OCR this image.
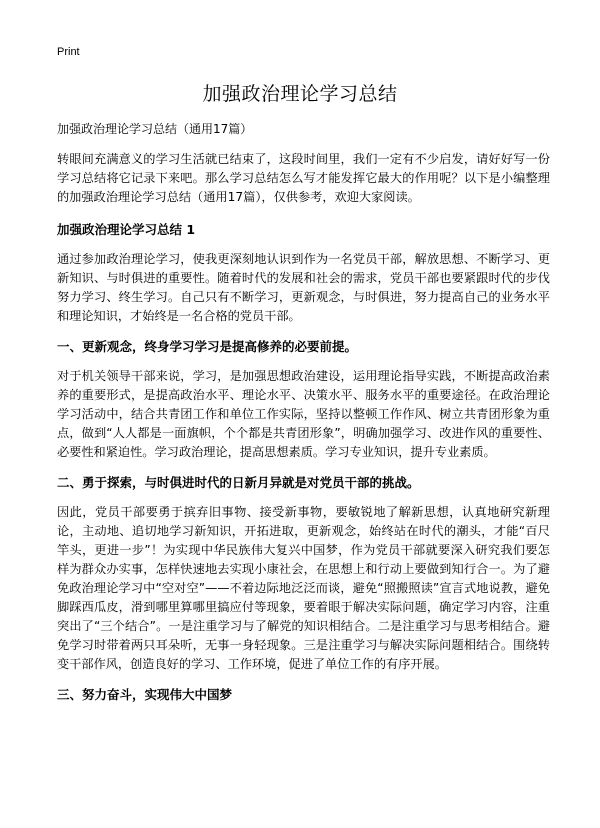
Print
加强政治理论学习总结
加强政治理论学习总结（通用17篇）

转眼间充满意义的学习生活就已结束了，这段时间里，我们一定有不少启发，请好好写一份学习总结将它记录下来吧。那么学习总结怎么写才能发挥它最大的作用呢？以下是小编整理的加强政治理论学习总结（通用17篇），仅供参考，欢迎大家阅读。

加强政治理论学习总结 1

通过参加政治理论学习，使我更深刻地认识到作为一名党员干部，解放思想、不断学习、更新知识、与时俱进的重要性。随着时代的发展和社会的需求，党员干部也要紧跟时代的步伐努力学习、终生学习。自己只有不断学习，更新观念，与时俱进，努力提高自己的业务水平和理论知识，才始终是一名合格的党员干部。

一、更新观念，终身学习学习是提高修养的必要前提。

对于机关领导干部来说，学习，是加强思想政治建设，运用理论指导实践，不断提高政治素养的重要形式，是提高政治水平、理论水平、决策水平、服务水平的重要途径。在政治理论学习活动中，结合共青团工作和单位工作实际，坚持以整顿工作作风、树立共青团形象为重点，做到“人人都是一面旗帜，个个都是共青团形象”，明确加强学习、改进作风的重要性、必要性和紧迫性。学习政治理论，提高思想素质。学习专业知识，提升专业素质。

二、勇于探索，与时俱进时代的日新月异就是对党员干部的挑战。

因此，党员干部要勇于摈弃旧事物、接受新事物，要敏锐地了解新思想，认真地研究新理论，主动地、追切地学习新知识，开拓进取，更新观念，始终站在时代的潮头，才能“百尺竿头，更进一步”！为实现中华民族伟大复兴中国梦，作为党员干部就要深入研究我们要怎样为群众办实事，怎样快速地去实现小康社会，在思想上和行动上要做到知行合一。为了避免政治理论学习中“空对空”——不着边际地泛泛而谈，避免“照搬照读”宣言式地说教，避免脚踩西瓜皮，滑到哪里算哪里搞应付等现象，要着眼于解决实际问题，确定学习内容，注重突出了“三个结合”。一是注重学习与了解党的知识相结合。二是注重学习与思考相结合。避免学习时带着两只耳朵听，无事一身轻现象。三是注重学习与解决实际问题相结合。围绕转变干部作风，创造良好的学习、工作环境，促进了单位工作的有序开展。

三、努力奋斗，实现伟大中国梦
